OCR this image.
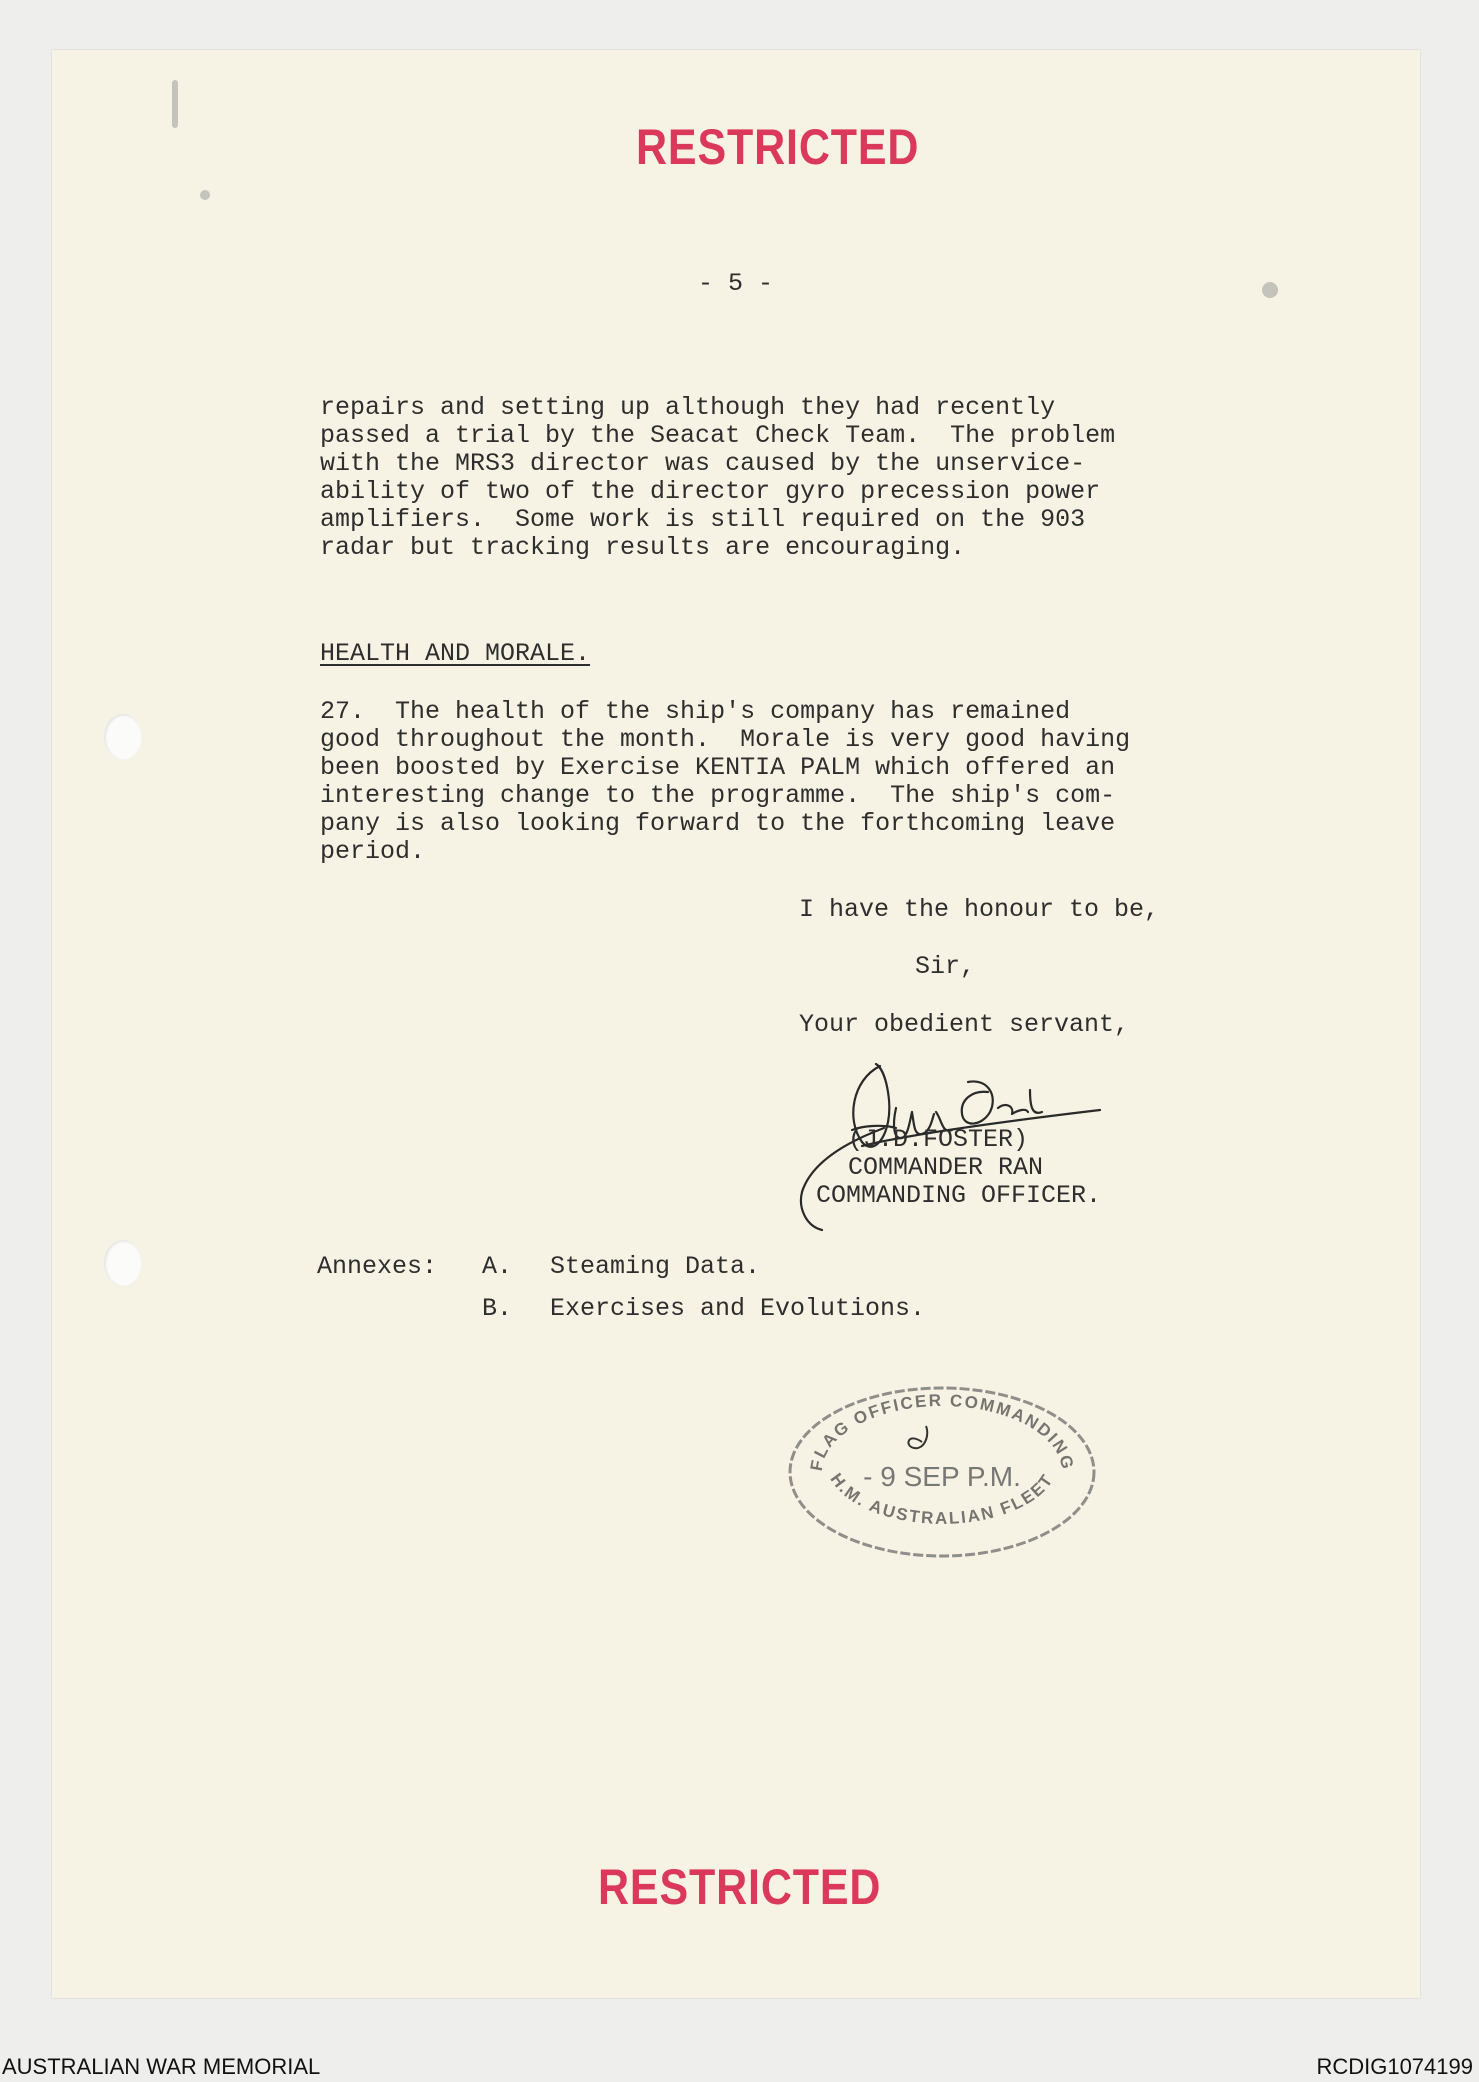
RESTRICTED

- 5 -

repairs and setting up although they had recently
passed a trial by the Seacat Check Team.  The problem
with the MRS3 director was caused by the unservice-
ability of two of the director gyro precession power
amplifiers.  Some work is still required on the 903
radar but tracking results are encouraging.

HEALTH AND MORALE.

27.  The health of the ship's company has remained
good throughout the month.  Morale is very good having
been boosted by Exercise KENTIA PALM which offered an
interesting change to the programme.  The ship's com-
pany is also looking forward to the forthcoming leave
period.

I have the honour to be,

Sir,

Your obedient servant,

(J.D.FOSTER)

COMMANDER RAN

COMMANDING OFFICER.

Annexes: A. Steaming Data.

B. Exercises and Evolutions.

FLAG OFFICER COMMANDING
H.M. AUSTRALIAN FLEET
- 9 SEP P.M.
RESTRICTED
AUSTRALIAN WAR MEMORIAL	RCDIG1074199
